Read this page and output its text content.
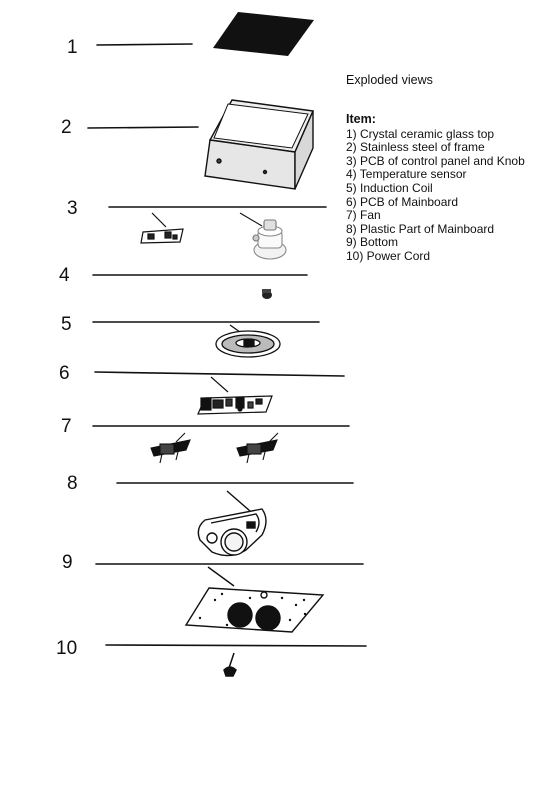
1
2
3
4
5
6
7
8
9
10
Exploded views
Item:
1) Crystal ceramic glass top
2) Stainless steel of frame
3) PCB of control panel and Knob
4) Temperature sensor
5) Induction Coil
6) PCB of Mainboard
7) Fan
8) Plastic Part of Mainboard
9) Bottom
10) Power Cord
